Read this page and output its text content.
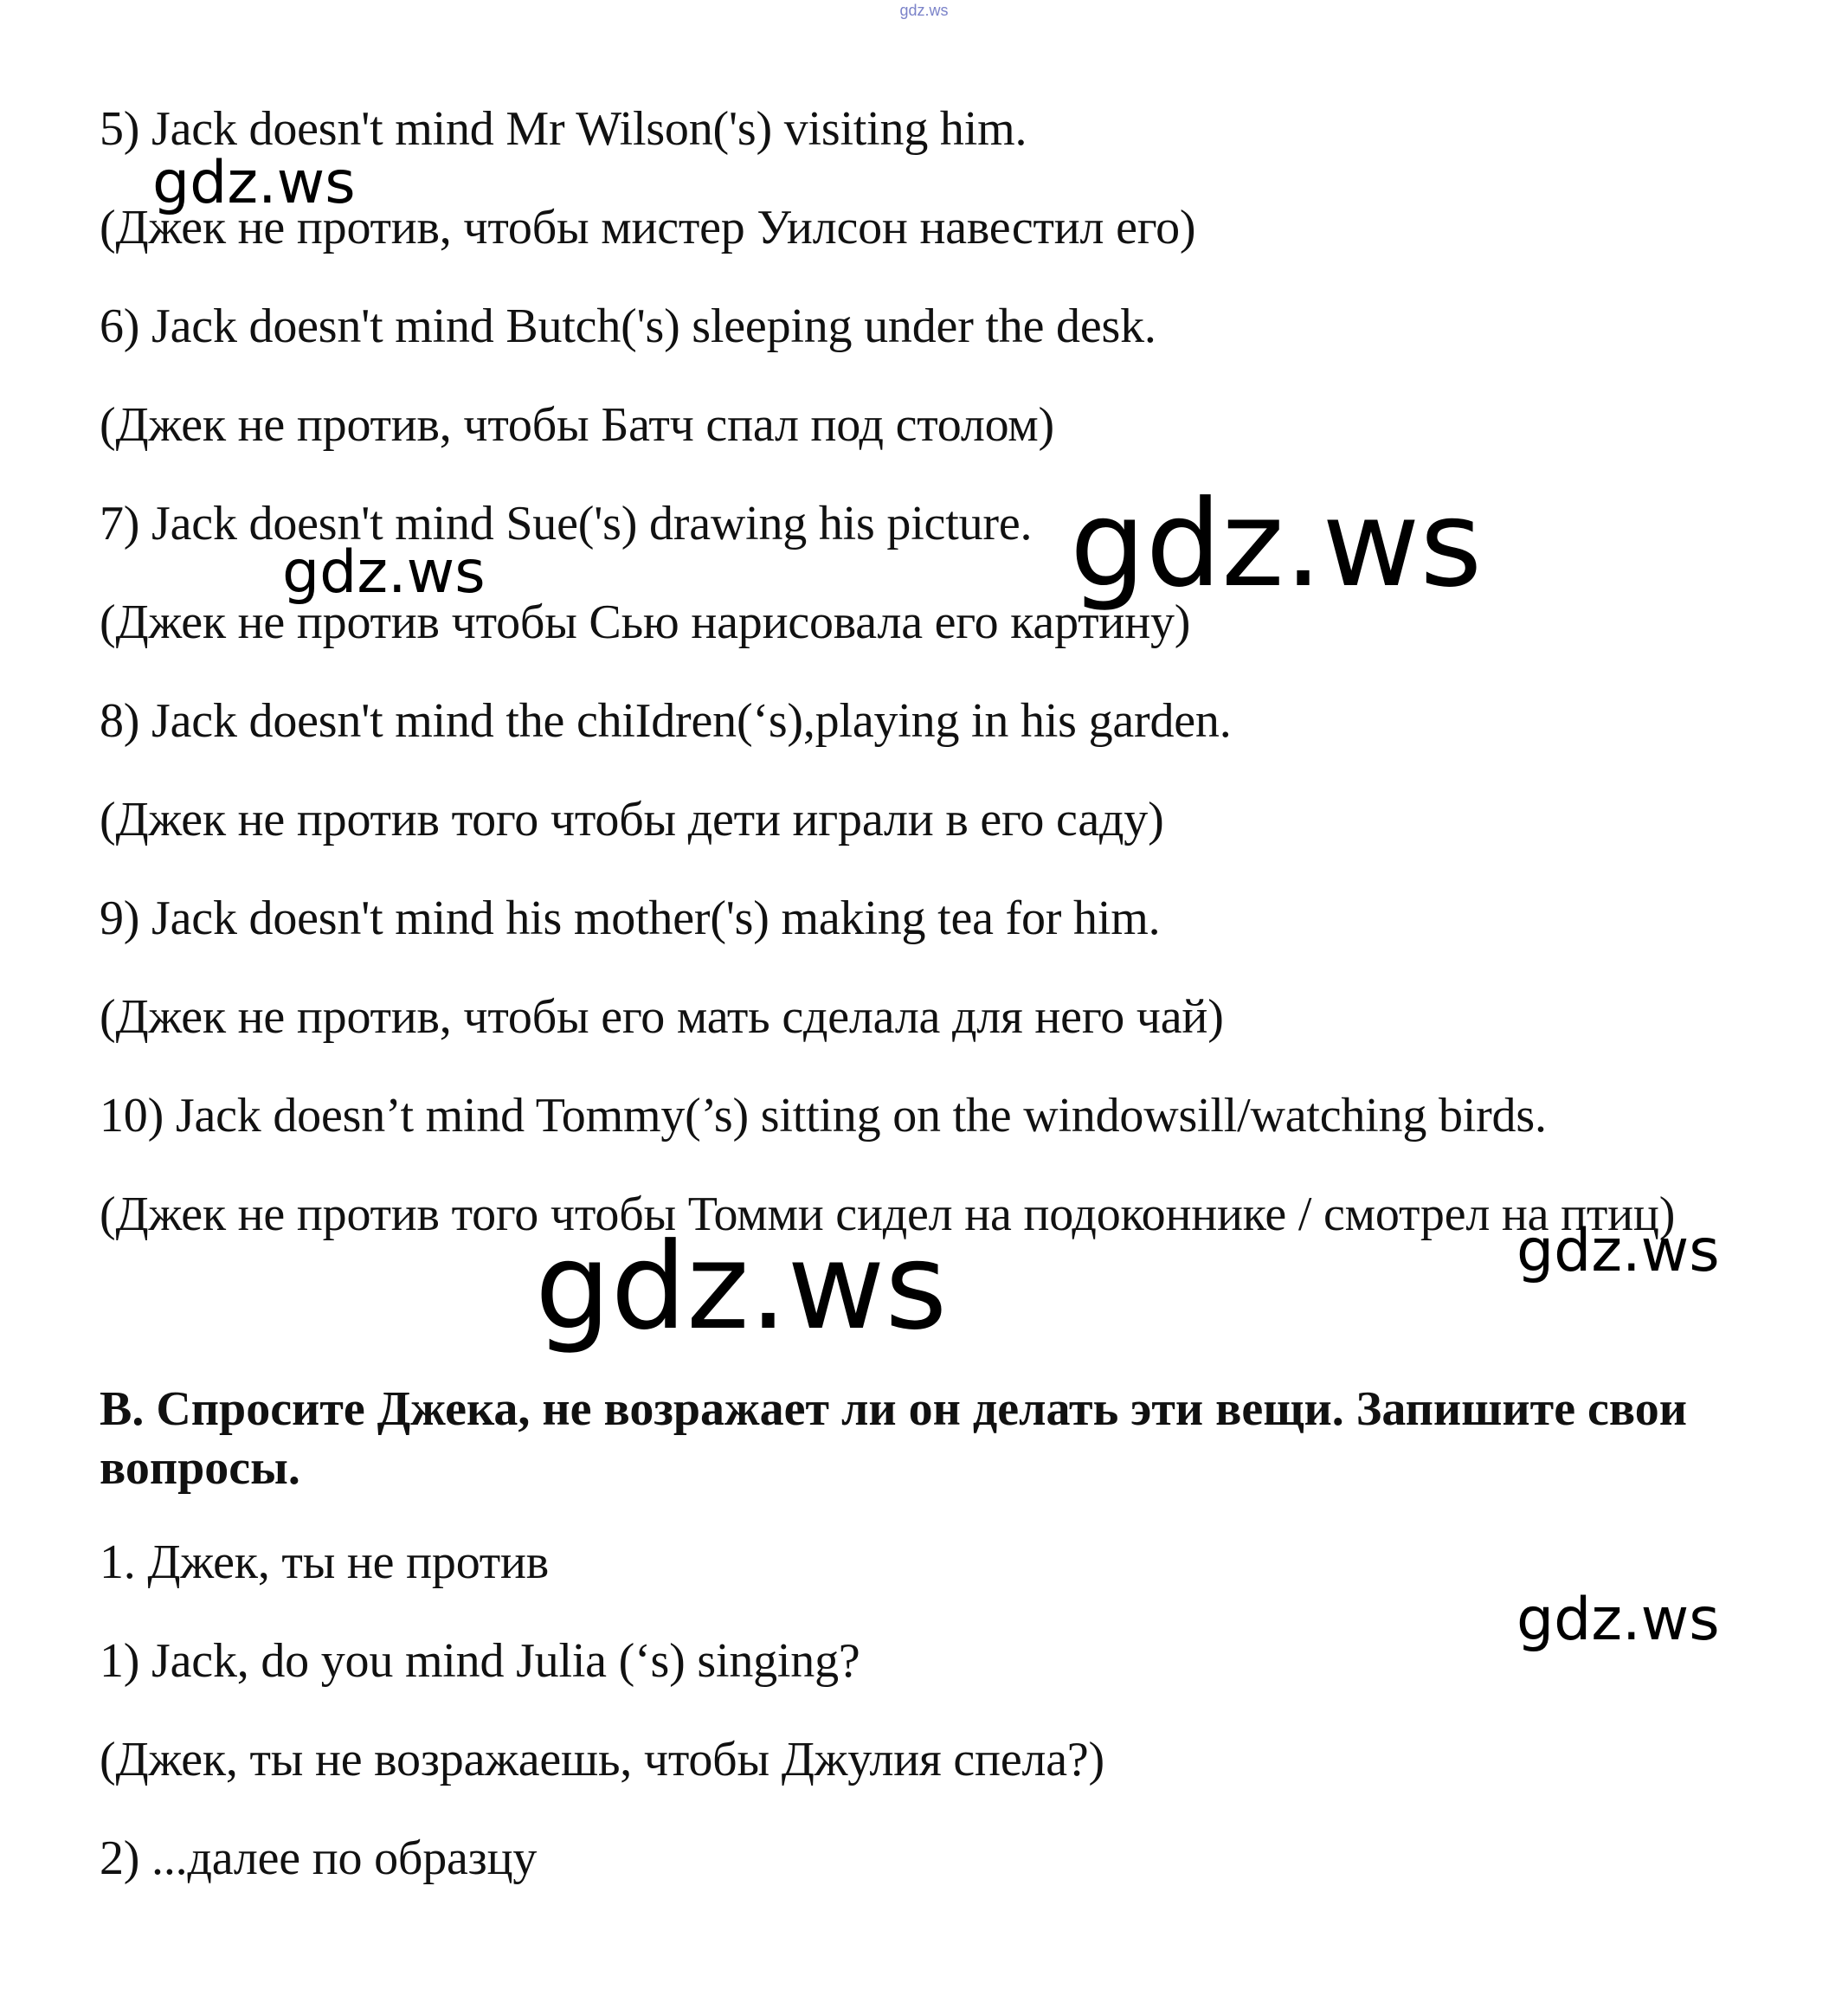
gdz.ws
5) Jack doesn't mind Mr Wilson('s) visiting him.
(Джек не против, чтобы мистер Уилсон навестил его)
6) Jack doesn't mind Butch('s) sleeping under the desk.
(Джек не против, чтобы Батч спал под столом)
7) Jack doesn't mind Sue('s) drawing his picture.
(Джек не против чтобы Сью нарисовала его картину)
8) Jack doesn't mind the chiIdren(‘s),playing in his garden.
(Джек не против того чтобы дети играли в его саду)
9) Jack doesn't mind his mother('s) making tea for him.
(Джек не против, чтобы его мать сделала для него чай)
10) Jack doesn’t mind Tommy(’s) sitting on the windowsill/watching birds.
(Джек не против того чтобы Томми сидел на подоконнике / смотрел на птиц)
B. Спросите Джека, не возражает ли он делать эти вещи. Запишите свои вопросы.
1. Джек, ты не против
1) Jack, do you mind Julia (‘s) singing?
(Джек, ты не возражаешь, чтобы Джулия спела?)
2) ...далее по образцу
gdz.ws
gdz.ws
gdz.ws
gdz.ws
gdz.ws
gdz.ws
